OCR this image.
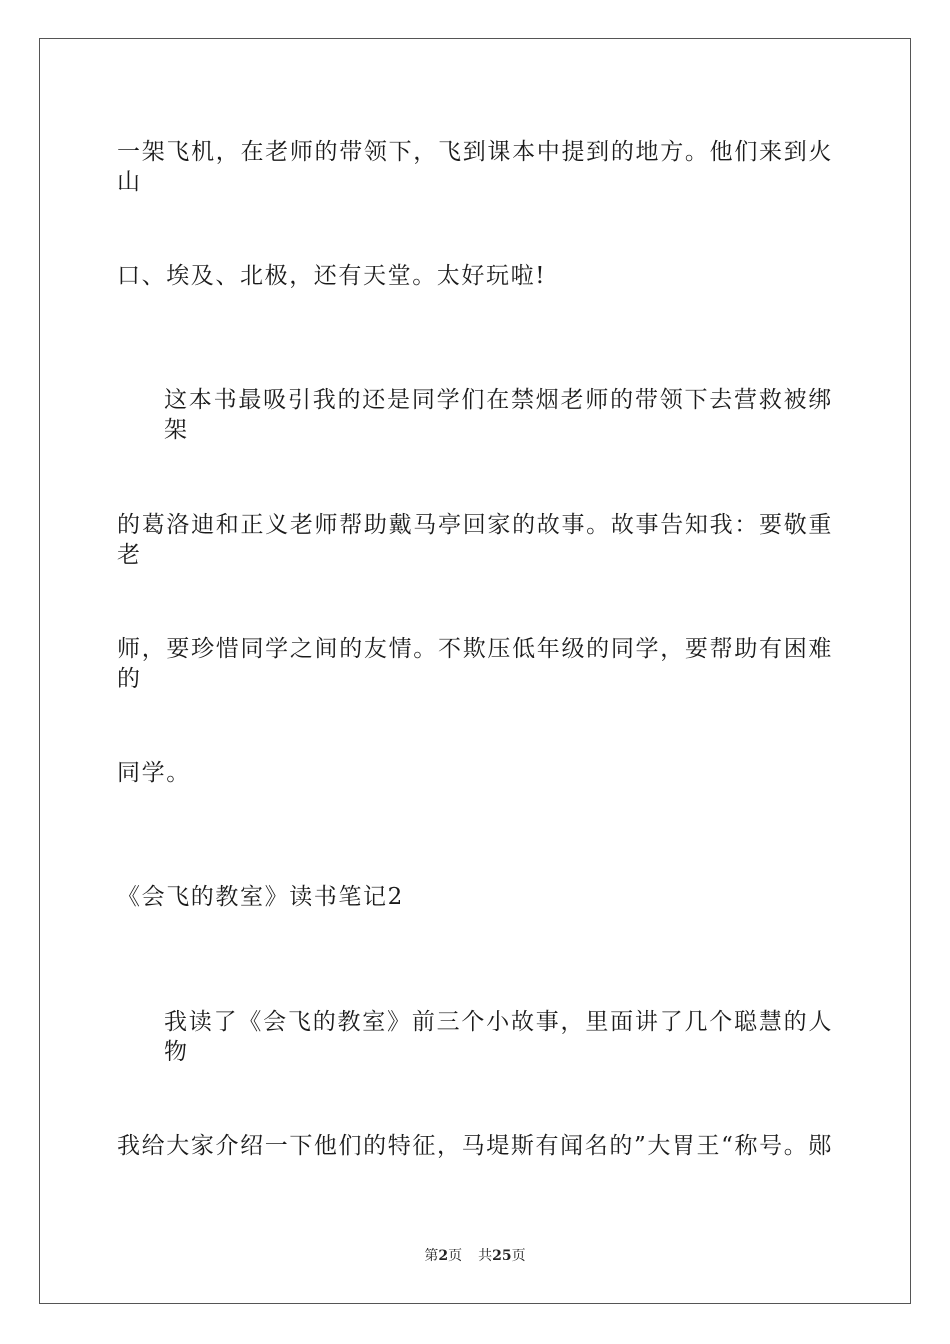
一架飞机，在老师的带领下，飞到课本中提到的地方。他们来到火山
口、埃及、北极，还有天堂。太好玩啦!
这本书最吸引我的还是同学们在禁烟老师的带领下去营救被绑架
的葛洛迪和正义老师帮助戴马亭回家的故事。故事告知我：要敬重老
师，要珍惜同学之间的友情。不欺压低年级的同学，要帮助有困难的
同学。
《会飞的教室》读书笔记2
我读了《会飞的教室》前三个小故事，里面讲了几个聪慧的人物
我给大家介绍一下他们的特征，马堤斯有闻名的”大胃王“称号。郧
第2页 共25页
